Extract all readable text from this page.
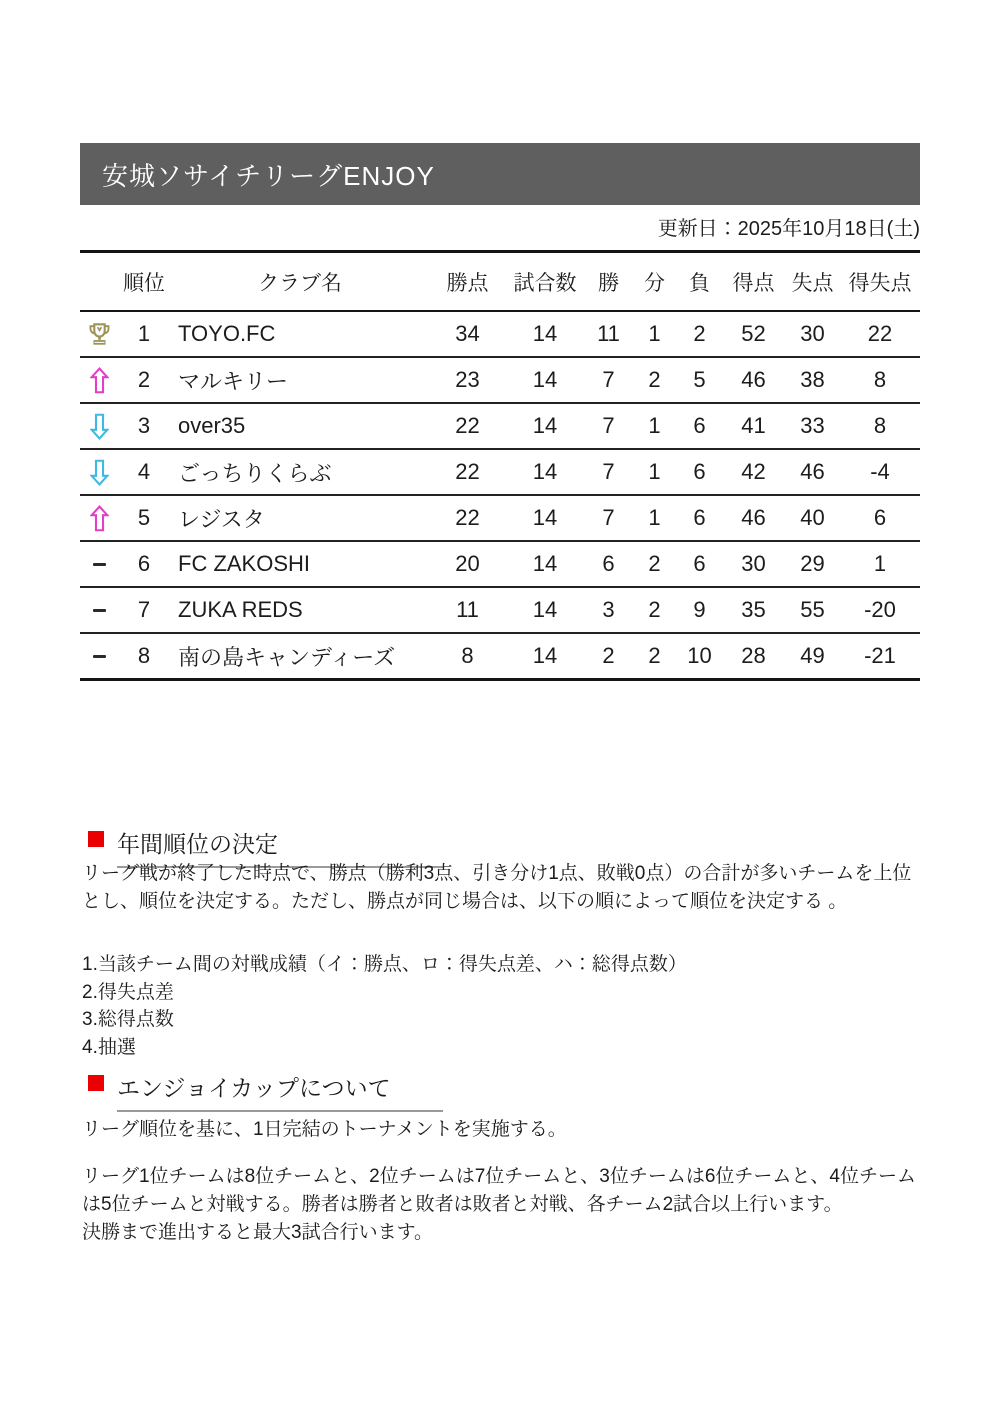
安城ソサイチリーグENJOY
更新日：2025年10月18日(土)
順位	クラブ名	勝点	試合数	勝	分	負	得点 失点 得失点
1	TOYO.FC	34	14	11	1	2	52	30	22
2	マルキリー	23	14	7	2	5	46	38	8
3	over35	22	14	7	1	6	41	33	8
4	ごっちりくらぶ	22	14	7	1	6	42	46	-4
5	レジスタ	22	14	7	1	6	46	40	6
6	FC ZAKOSHI	20	14	6	2	6	30	29	1
7	ZUKA REDS	11	14	3	2	9	35	55	-20
8	南の島キャンディーズ	8	14	2	2	10	28	49	-21
年間順位の決定
リーグ戦が終了した時点で、勝点（勝利3点、引き分け1点、敗戦0点）の合計が多いチームを上位とし、順位を決定する。ただし、勝点が同じ場合は、以下の順によって順位を決定する 。
1.当該チーム間の対戦成績（イ：勝点、ロ：得失点差、ハ：総得点数）
2.得失点差
3.総得点数
4.抽選
エンジョイカップについて
リーグ順位を基に、1日完結のトーナメントを実施する。
リーグ1位チームは8位チームと、2位チームは7位チームと、3位チームは6位チームと、4位チームは5位チームと対戦する。勝者は勝者と敗者は敗者と対戦、各チーム2試合以上行います。
決勝まで進出すると最大3試合行います。
